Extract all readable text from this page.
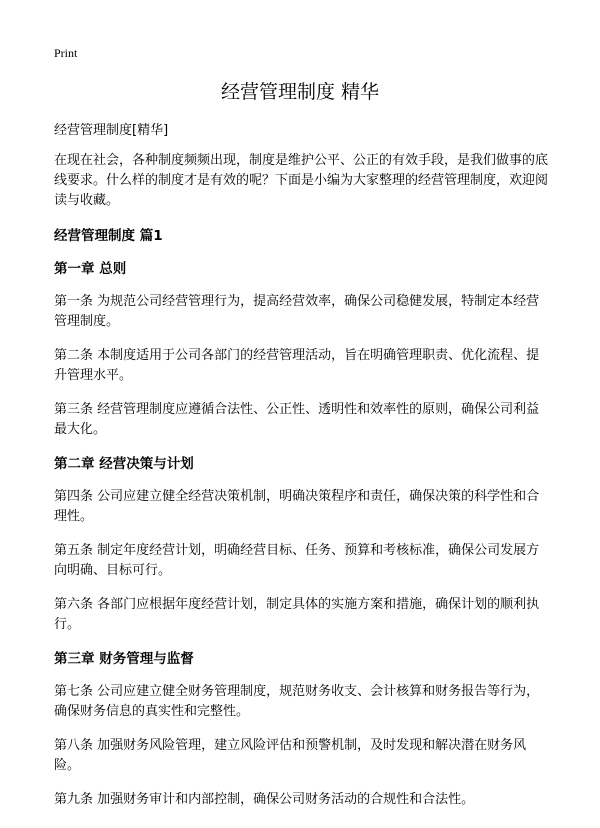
Print
经营管理制度 精华

经营管理制度[精华]

在现在社会，各种制度频频出现，制度是维护公平、公正的有效手段，是我们做事的底线要求。什么样的制度才是有效的呢？下面是小编为大家整理的经营管理制度，欢迎阅读与收藏。

经营管理制度 篇1
第一章 总则

第一条 为规范公司经营管理行为，提高经营效率，确保公司稳健发展，特制定本经营管理制度。

第二条 本制度适用于公司各部门的经营管理活动，旨在明确管理职责、优化流程、提升管理水平。

第三条 经营管理制度应遵循合法性、公正性、透明性和效率性的原则，确保公司利益最大化。

第二章 经营决策与计划

第四条 公司应建立健全经营决策机制，明确决策程序和责任，确保决策的科学性和合理性。

第五条 制定年度经营计划，明确经营目标、任务、预算和考核标准，确保公司发展方向明确、目标可行。

第六条 各部门应根据年度经营计划，制定具体的实施方案和措施，确保计划的顺利执行。

第三章 财务管理与监督

第七条 公司应建立健全财务管理制度，规范财务收支、会计核算和财务报告等行为，确保财务信息的真实性和完整性。

第八条 加强财务风险管理，建立风险评估和预警机制，及时发现和解决潜在财务风险。

第九条 加强财务审计和内部控制，确保公司财务活动的合规性和合法性。
